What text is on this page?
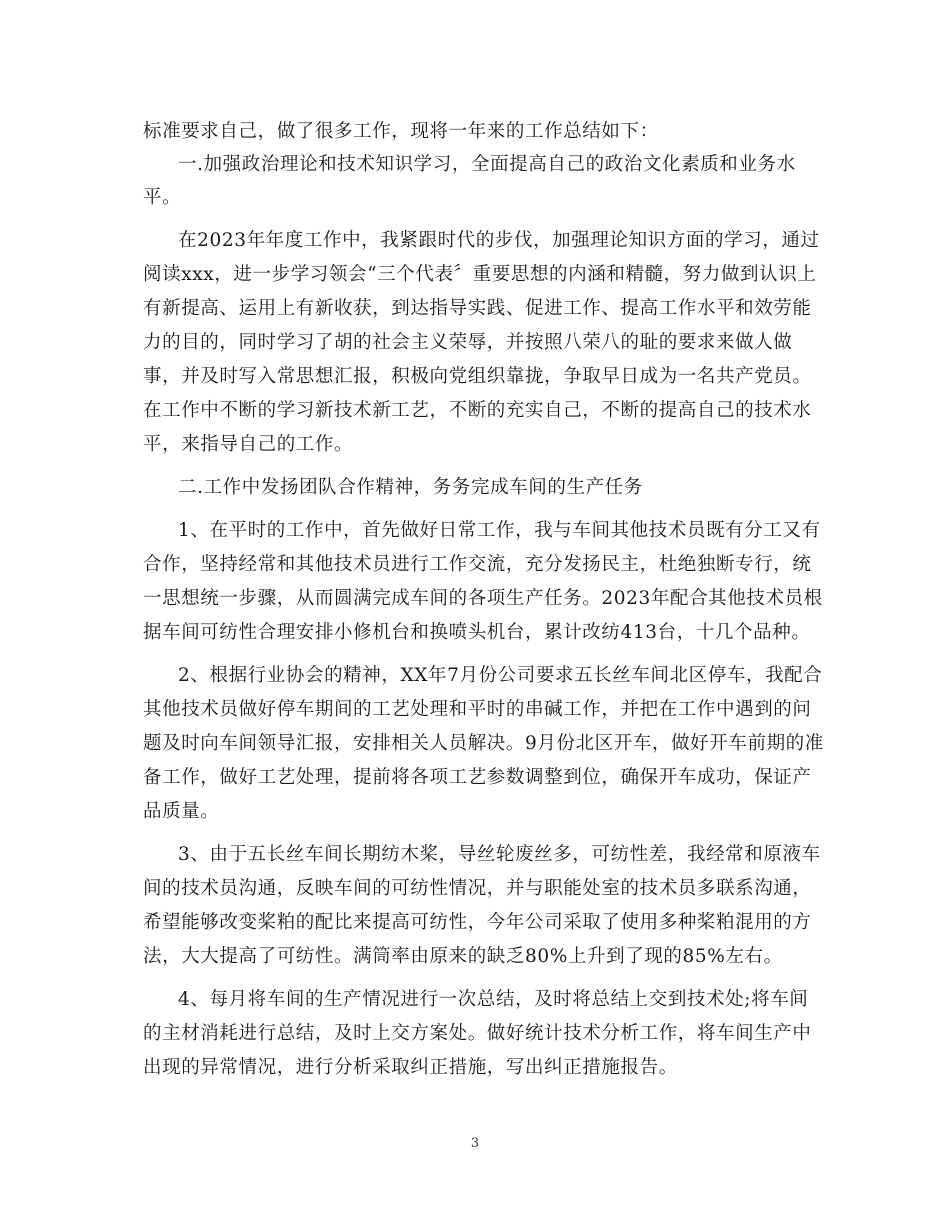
标准要求自己，做了很多工作，现将一年来的工作总结如下：
一.加强政治理论和技术知识学习，全面提高自己的政治文化素质和业务水
平。
在2023年年度工作中，我紧跟时代的步伐，加强理论知识方面的学习，通过
阅读xxx，进一步学习领会“三个代表〞重要思想的内涵和精髓，努力做到认识上
有新提高、运用上有新收获，到达指导实践、促进工作、提高工作水平和效劳能
力的目的，同时学习了胡的社会主义荣辱，并按照八荣八的耻的要求来做人做
事，并及时写入常思想汇报，积极向党组织靠拢，争取早日成为一名共产党员。
在工作中不断的学习新技术新工艺，不断的充实自己，不断的提高自己的技术水
平，来指导自己的工作。
二.工作中发扬团队合作精神，务务完成车间的生产任务
1、在平时的工作中，首先做好日常工作，我与车间其他技术员既有分工又有
合作，坚持经常和其他技术员进行工作交流，充分发扬民主，杜绝独断专行，统
一思想统一步骤，从而圆满完成车间的各项生产任务。2023年配合其他技术员根
据车间可纺性合理安排小修机台和换喷头机台，累计改纺413台，十几个品种。
2、根据行业协会的精神，XX年7月份公司要求五长丝车间北区停车，我配合
其他技术员做好停车期间的工艺处理和平时的串碱工作，并把在工作中遇到的问
题及时向车间领导汇报，安排相关人员解决。9月份北区开车，做好开车前期的准
备工作，做好工艺处理，提前将各项工艺参数调整到位，确保开车成功，保证产
品质量。
3、由于五长丝车间长期纺木桨，导丝轮废丝多，可纺性差，我经常和原液车
间的技术员沟通，反映车间的可纺性情况，并与职能处室的技术员多联系沟通，
希望能够改变桨粕的配比来提高可纺性，今年公司采取了使用多种桨粕混用的方
法，大大提高了可纺性。满筒率由原来的缺乏80%上升到了现的85%左右。
4、每月将车间的生产情况进行一次总结，及时将总结上交到技术处;将车间
的主材消耗进行总结，及时上交方案处。做好统计技术分析工作，将车间生产中
出现的异常情况，进行分析采取纠正措施，写出纠正措施报告。
3
